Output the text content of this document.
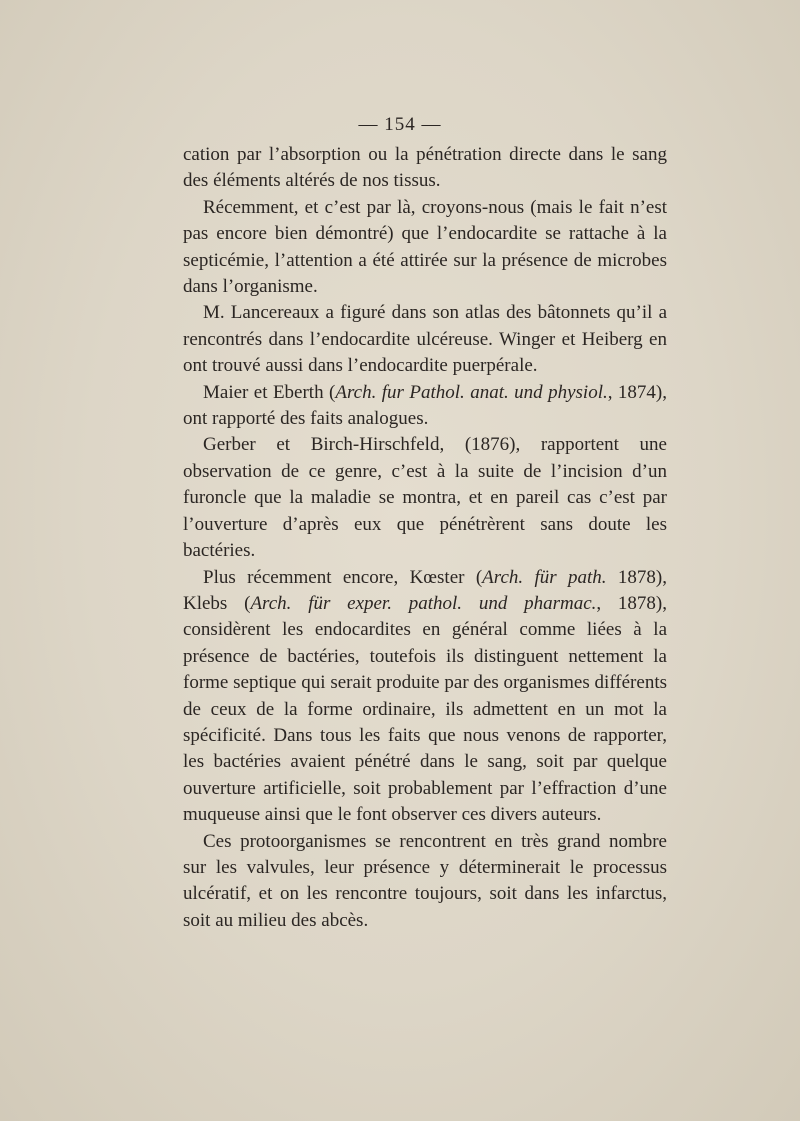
— 154 —

cation par l’absorption ou la pénétration directe dans le sang des éléments altérés de nos tissus.

Récemment, et c’est par là, croyons-nous (mais le fait n’est pas encore bien démontré) que l’endocardite se rattache à la septicémie, l’attention a été attirée sur la présence de microbes dans l’organisme.

M. Lancereaux a figuré dans son atlas des bâtonnets qu’il a rencontrés dans l’endocardite ulcéreuse. Winger et Heiberg en ont trouvé aussi dans l’endocardite puerpérale.

Maier et Eberth (Arch. fur Pathol. anat. und physiol., 1874), ont rapporté des faits analogues.

Gerber et Birch-Hirschfeld, (1876), rapportent une observation de ce genre, c’est à la suite de l’incision d’un furoncle que la maladie se montra, et en pareil cas c’est par l’ouverture d’après eux que pénétrèrent sans doute les bactéries.

Plus récemment encore, Kœster (Arch. für path. 1878), Klebs (Arch. für exper. pathol. und pharmac., 1878), considèrent les endocardites en général comme liées à la présence de bactéries, toutefois ils distinguent nettement la forme septique qui serait produite par des organismes différents de ceux de la forme ordinaire, ils admettent en un mot la spécificité. Dans tous les faits que nous venons de rapporter, les bactéries avaient pénétré dans le sang, soit par quelque ouverture artificielle, soit probablement par l’effraction d’une muqueuse ainsi que le font observer ces divers auteurs.

Ces protoorganismes se rencontrent en très grand nombre sur les valvules, leur présence y déterminerait le processus ulcératif, et on les rencontre toujours, soit dans les infarctus, soit au milieu des abcès.
